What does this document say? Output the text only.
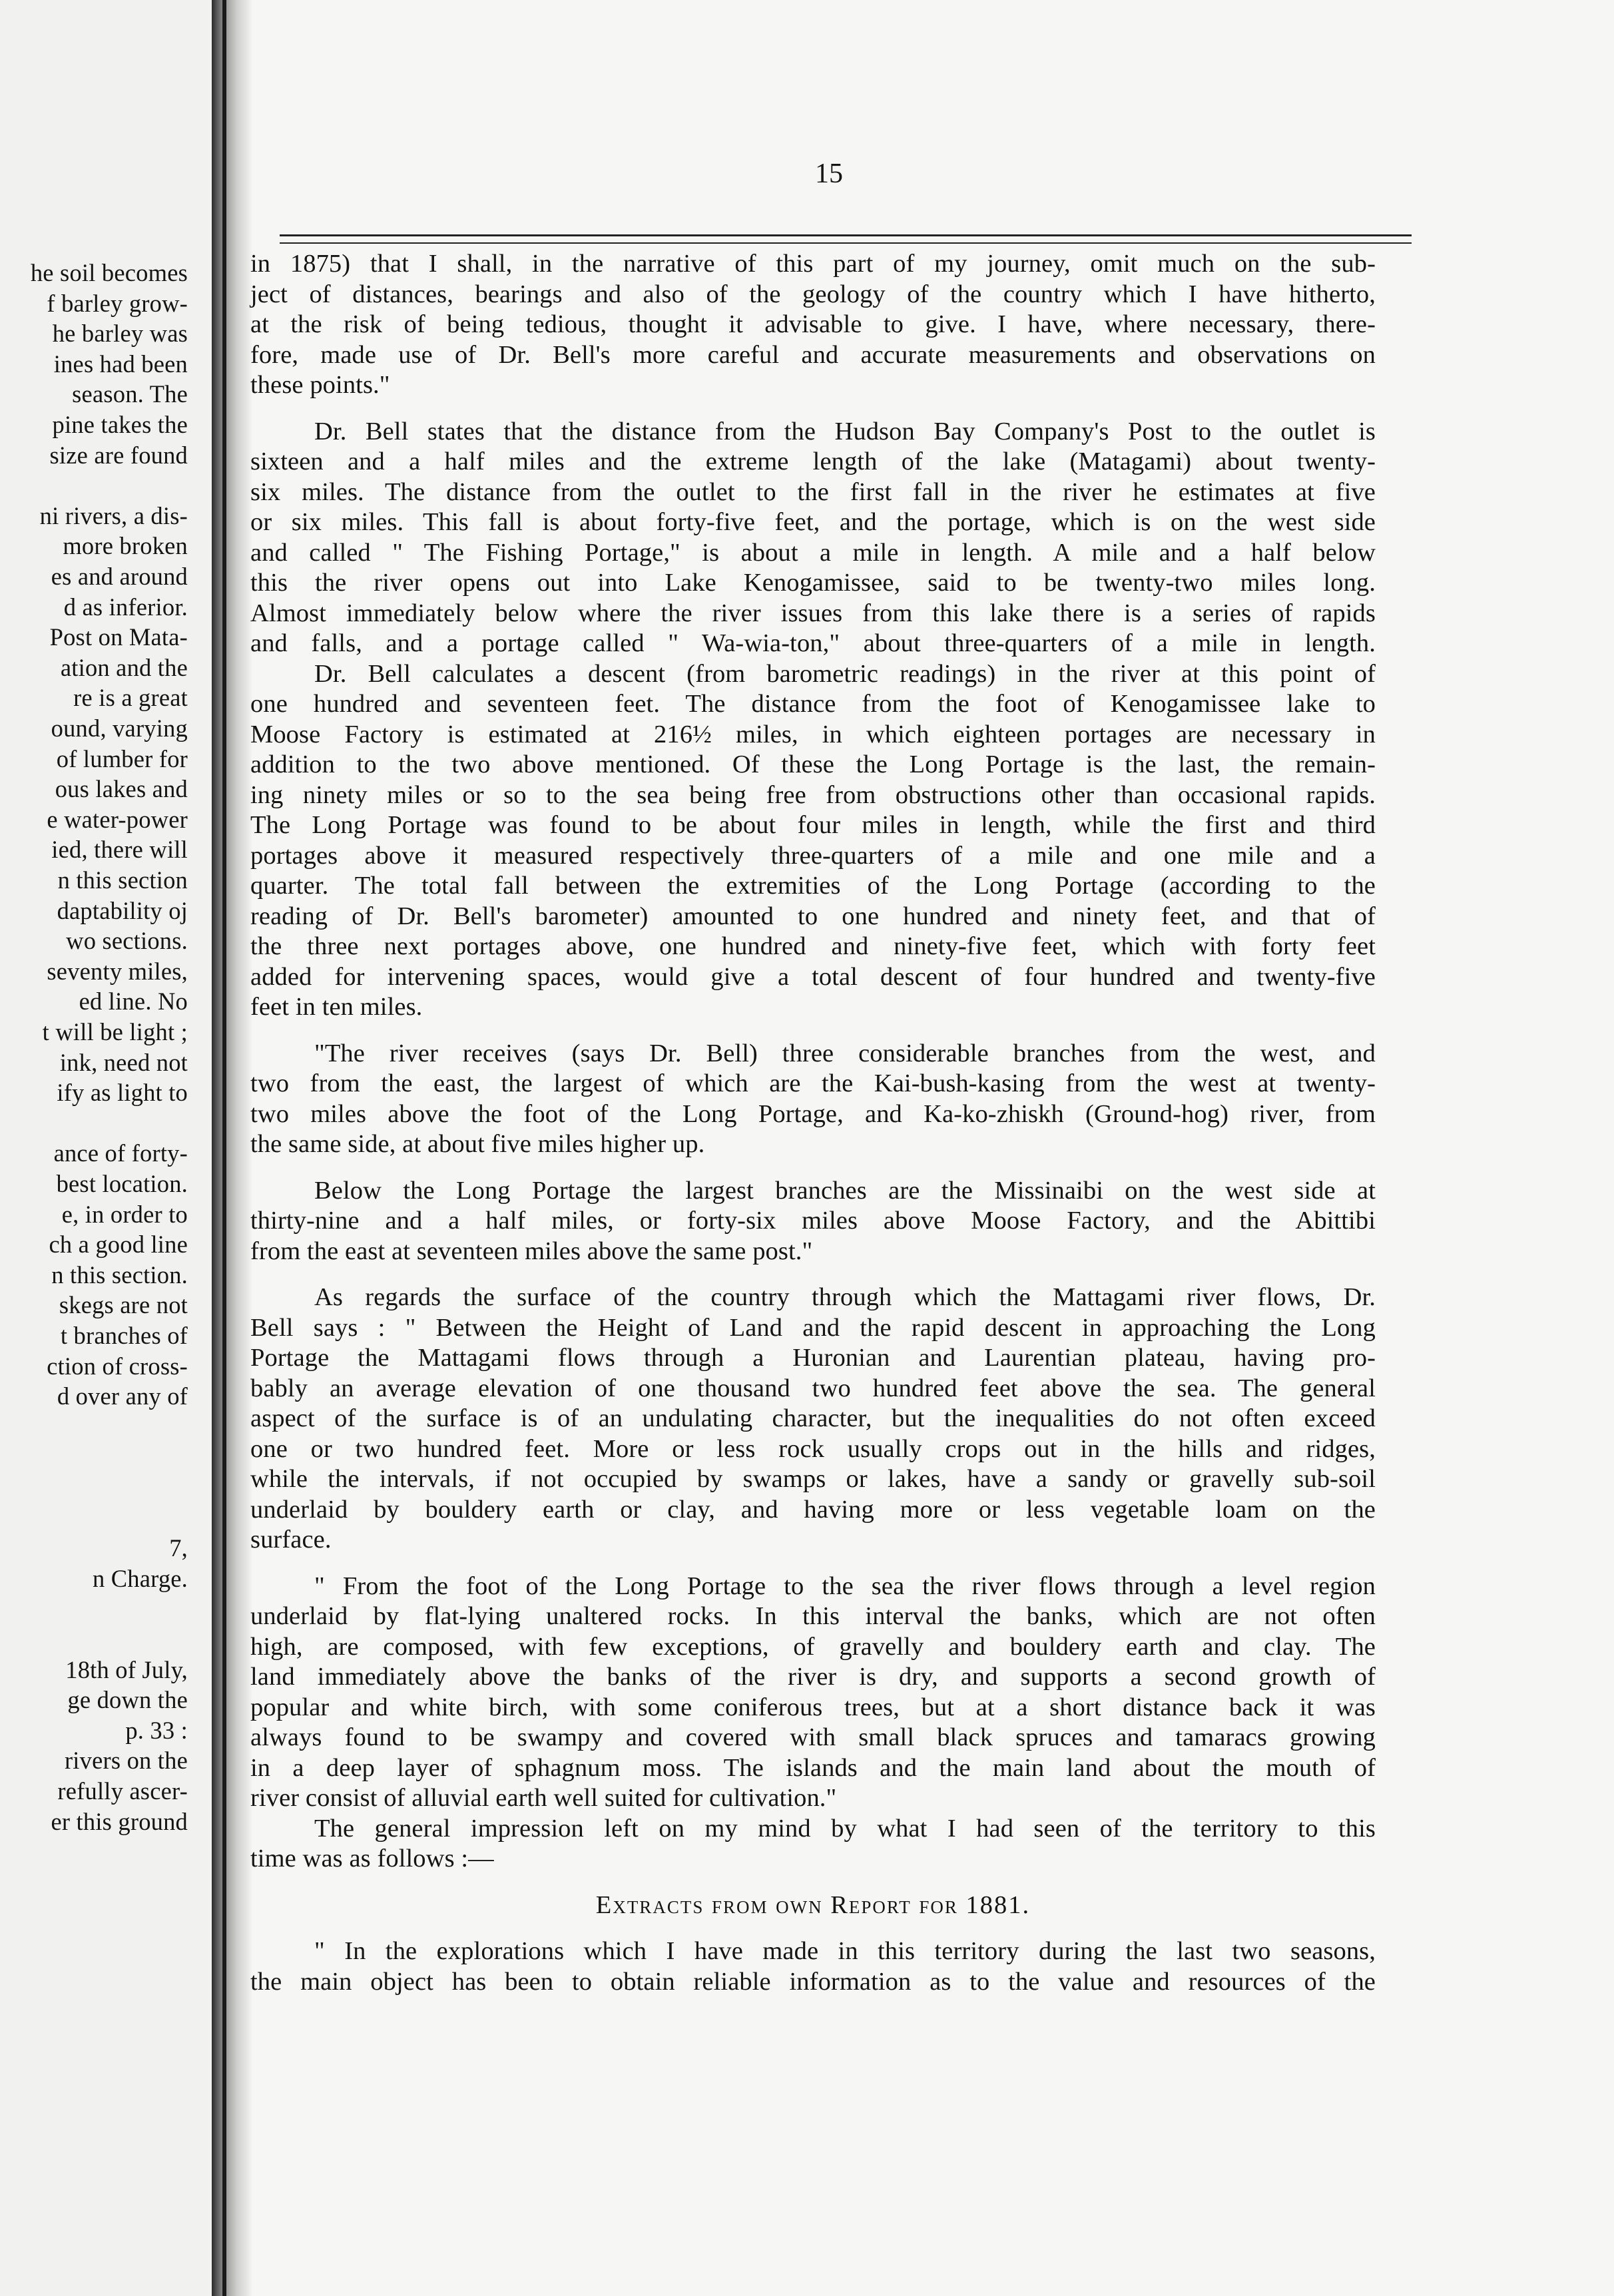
he soil becomes
f barley grow-
he barley was
ines had been
season. The
pine takes the
size are found
ni rivers, a dis-
more broken
es and around
d as inferior.
Post on Mata-
ation and the
re is a great
ound, varying
of lumber for
ous lakes and
e water-power
ied, there will
n this section
daptability oj
wo sections.
seventy miles,
ed line. No
t will be light ;
ink, need not
ify as light to
ance of forty-
best location.
e, in order to
ch a good line
n this section.
skegs are not
t branches of
ction of cross-
d over any of
7,
n Charge.
18th of July,
ge down the
p. 33 :
rivers on the
refully ascer-
er this ground
15
in 1875) that I shall, in the narrative of this part of my journey, omit much on the sub-
ject of distances, bearings and also of the geology of the country which I have hitherto,
at the risk of being tedious, thought it advisable to give. I have, where necessary, there-
fore, made use of Dr. Bell's more careful and accurate measurements and observations on
these points."
Dr. Bell states that the distance from the Hudson Bay Company's Post to the outlet is
sixteen and a half miles and the extreme length of the lake (Matagami) about twenty-
six miles. The distance from the outlet to the first fall in the river he estimates at five
or six miles. This fall is about forty-five feet, and the portage, which is on the west side
and called " The Fishing Portage," is about a mile in length. A mile and a half below
this the river opens out into Lake Kenogamissee, said to be twenty-two miles long.
Almost immediately below where the river issues from this lake there is a series of rapids
and falls, and a portage called " Wa-wia-ton," about three-quarters of a mile in length.
Dr. Bell calculates a descent (from barometric readings) in the river at this point of
one hundred and seventeen feet. The distance from the foot of Kenogamissee lake to
Moose Factory is estimated at 216½ miles, in which eighteen portages are necessary in
addition to the two above mentioned. Of these the Long Portage is the last, the remain-
ing ninety miles or so to the sea being free from obstructions other than occasional rapids.
The Long Portage was found to be about four miles in length, while the first and third
portages above it measured respectively three-quarters of a mile and one mile and a
quarter. The total fall between the extremities of the Long Portage (according to the
reading of Dr. Bell's barometer) amounted to one hundred and ninety feet, and that of
the three next portages above, one hundred and ninety-five feet, which with forty feet
added for intervening spaces, would give a total descent of four hundred and twenty-five
feet in ten miles.
"The river receives (says Dr. Bell) three considerable branches from the west, and
two from the east, the largest of which are the Kai-bush-kasing from the west at twenty-
two miles above the foot of the Long Portage, and Ka-ko-zhiskh (Ground-hog) river, from
the same side, at about five miles higher up.
Below the Long Portage the largest branches are the Missinaibi on the west side at
thirty-nine and a half miles, or forty-six miles above Moose Factory, and the Abittibi
from the east at seventeen miles above the same post."
As regards the surface of the country through which the Mattagami river flows, Dr.
Bell says : " Between the Height of Land and the rapid descent in approaching the Long
Portage the Mattagami flows through a Huronian and Laurentian plateau, having pro-
bably an average elevation of one thousand two hundred feet above the sea. The general
aspect of the surface is of an undulating character, but the inequalities do not often exceed
one or two hundred feet. More or less rock usually crops out in the hills and ridges,
while the intervals, if not occupied by swamps or lakes, have a sandy or gravelly sub-soil
underlaid by bouldery earth or clay, and having more or less vegetable loam on the
surface.
" From the foot of the Long Portage to the sea the river flows through a level region
underlaid by flat-lying unaltered rocks. In this interval the banks, which are not often
high, are composed, with few exceptions, of gravelly and bouldery earth and clay. The
land immediately above the banks of the river is dry, and supports a second growth of
popular and white birch, with some coniferous trees, but at a short distance back it was
always found to be swampy and covered with small black spruces and tamaracs growing
in a deep layer of sphagnum moss. The islands and the main land about the mouth of
river consist of alluvial earth well suited for cultivation."
The general impression left on my mind by what I had seen of the territory to this
time was as follows :—
Extracts from own Report for 1881.
" In the explorations which I have made in this territory during the last two seasons,
the main object has been to obtain reliable information as to the value and resources of the
